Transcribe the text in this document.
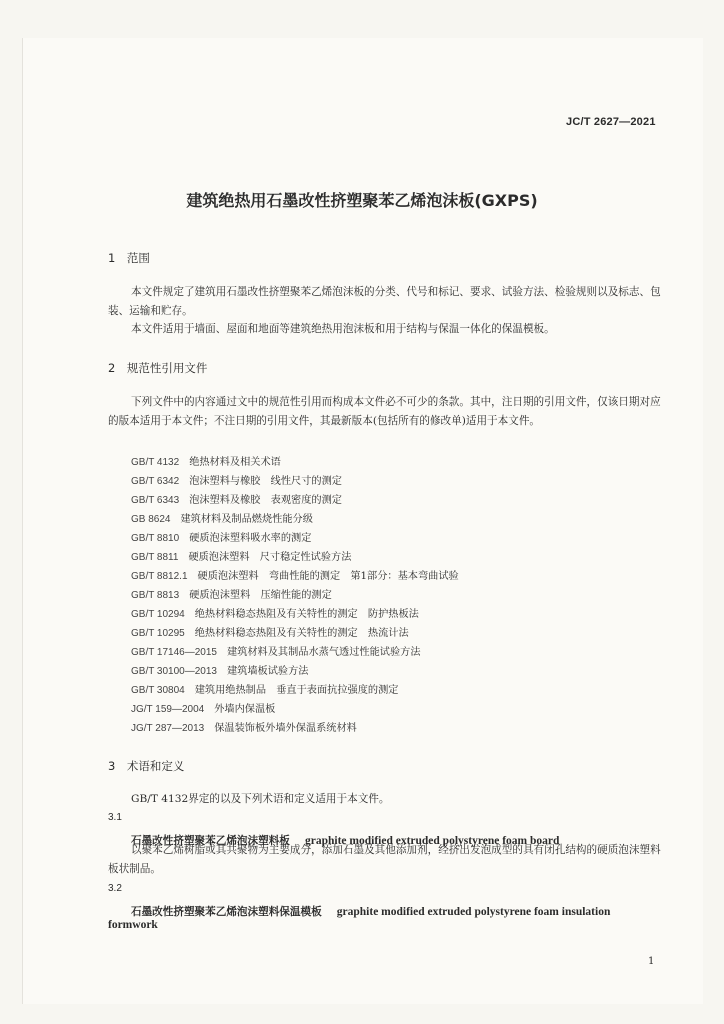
JC/T 2627—2021
建筑绝热用石墨改性挤塑聚苯乙烯泡沫板(GXPS)
1　范围
本文件规定了建筑用石墨改性挤塑聚苯乙烯泡沫板的分类、代号和标记、要求、试验方法、检验规则以及标志、包装、运输和贮存。
本文件适用于墙面、屋面和地面等建筑绝热用泡沫板和用于结构与保温一体化的保温模板。
2　规范性引用文件
下列文件中的内容通过文中的规范性引用而构成本文件必不可少的条款。其中，注日期的引用文件，仅该日期对应的版本适用于本文件；不注日期的引用文件，其最新版本(包括所有的修改单)适用于本文件。
GB/T 4132 绝热材料及相关术语
GB/T 6342 泡沫塑料与橡胶　线性尺寸的测定
GB/T 6343 泡沫塑料及橡胶　表观密度的测定
GB 8624 建筑材料及制品燃烧性能分级
GB/T 8810 硬质泡沫塑料吸水率的测定
GB/T 8811 硬质泡沫塑料　尺寸稳定性试验方法
GB/T 8812.1 硬质泡沫塑料　弯曲性能的测定　第1部分：基本弯曲试验
GB/T 8813 硬质泡沫塑料　压缩性能的测定
GB/T 10294 绝热材料稳态热阻及有关特性的测定　防护热板法
GB/T 10295 绝热材料稳态热阻及有关特性的测定　热流计法
GB/T 17146—2015 建筑材料及其制品水蒸气透过性能试验方法
GB/T 30100—2013 建筑墙板试验方法
GB/T 30804 建筑用绝热制品　垂直于表面抗拉强度的测定
JG/T 159—2004 外墙内保温板
JG/T 287—2013 保温装饰板外墙外保温系统材料
3　术语和定义
GB/T 4132界定的以及下列术语和定义适用于本文件。
3.1
石墨改性挤塑聚苯乙烯泡沫塑料板 graphite modified extruded polystyrene foam board
以聚苯乙烯树脂或其共聚物为主要成分，添加石墨及其他添加剂，经挤出发泡成型的具有闭孔结构的硬质泡沫塑料板状制品。
3.2
石墨改性挤塑聚苯乙烯泡沫塑料保温模板 graphite modified extruded polystyrene foam insulation
formwork
1
